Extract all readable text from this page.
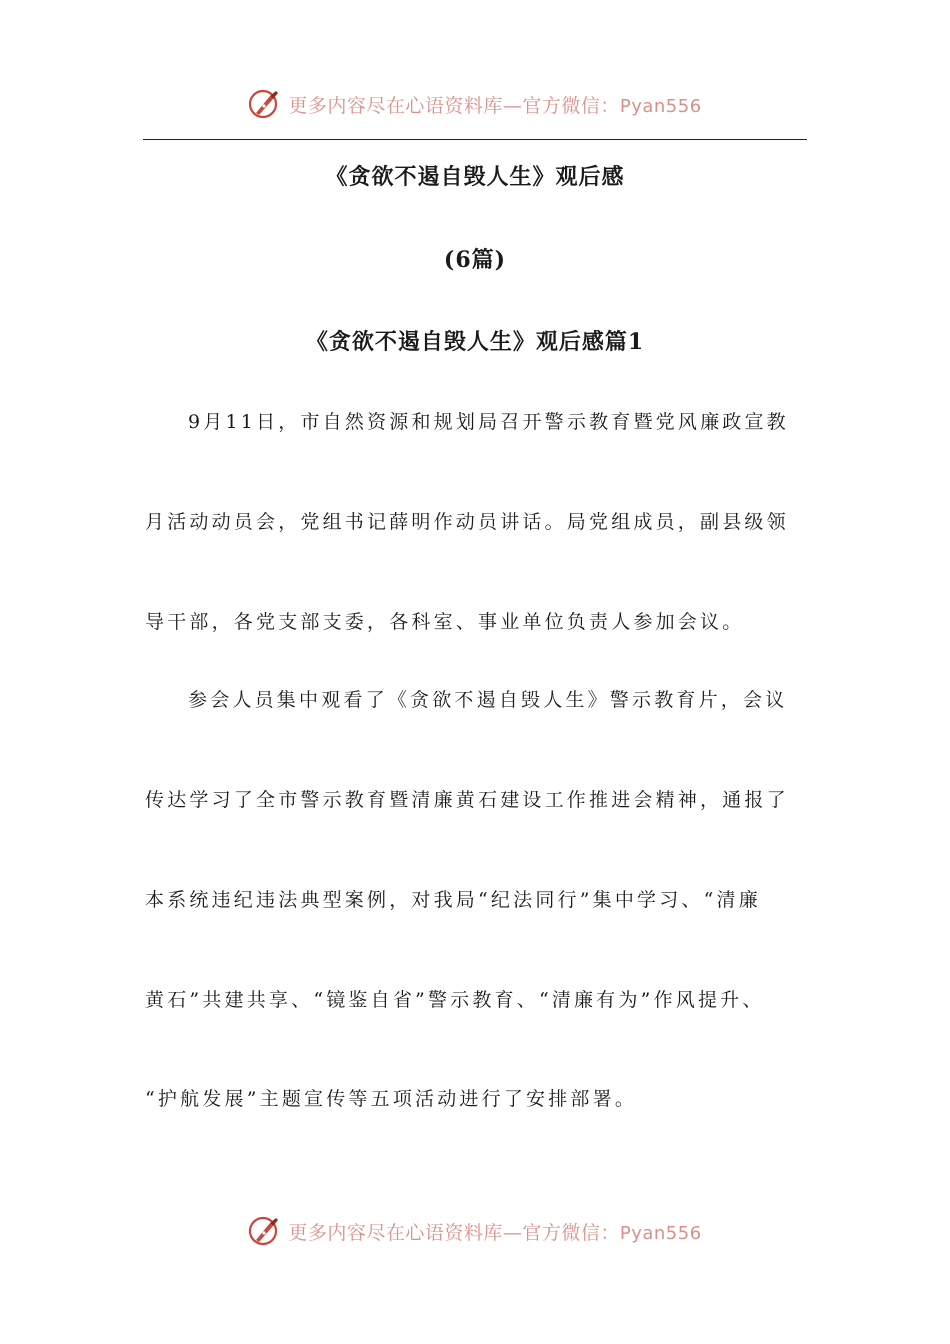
更多内容尽在心语资料库—官方微信：Pyan556
《贪欲不遏自毁人生》观后感
(6篇)
《贪欲不遏自毁人生》观后感篇1
9月11日，市自然资源和规划局召开警示教育暨党风廉政宣教
月活动动员会，党组书记薛明作动员讲话。局党组成员，副县级领
导干部，各党支部支委，各科室、事业单位负责人参加会议。
参会人员集中观看了《贪欲不遏自毁人生》警示教育片，会议
传达学习了全市警示教育暨清廉黄石建设工作推进会精神，通报了
本系统违纪违法典型案例，对我局“纪法同行”集中学习、“清廉
黄石”共建共享、“镜鉴自省”警示教育、“清廉有为”作风提升、
“护航发展”主题宣传等五项活动进行了安排部署。
更多内容尽在心语资料库—官方微信：Pyan556
